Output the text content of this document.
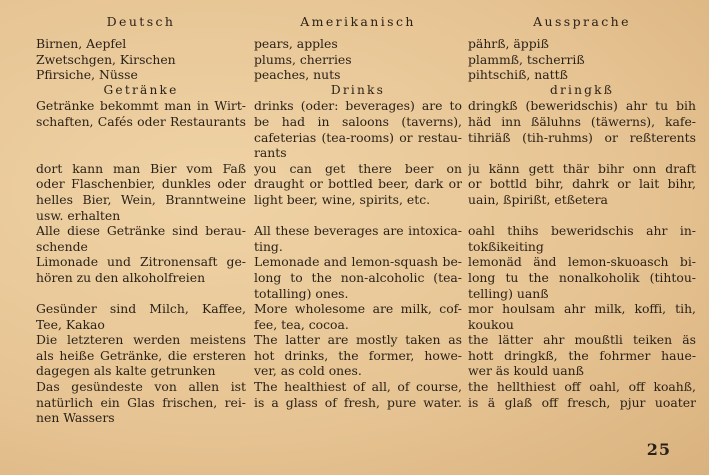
Deutsch
Birnen, Aepfel
Zwetschgen, Kirschen
Pfirsiche, Nüsse
Getränke
Getränke bekommt man in Wirt-
schaften, Cafés oder Restaurants
dort kann man Bier vom Faß
oder Flaschenbier, dunkles oder
helles Bier, Wein, Branntweine
usw. erhalten
Alle diese Getränke sind berau-
schende
Limonade und Zitronensaft ge-
hören zu den alkoholfreien
Gesünder sind Milch, Kaffee,
Tee, Kakao
Die letzteren werden meistens
als heiße Getränke, die ersteren
dagegen als kalte getrunken
Das gesündeste von allen ist
natürlich ein Glas frischen, rei-
nen Wassers
Amerikanisch
pears, apples
plums, cherries
peaches, nuts
Drinks
drinks (oder: beverages) are to
be had in saloons (taverns),
cafeterias (tea-rooms) or restau-
rants
you can get there beer on
draught or bottled beer, dark or
light beer, wine, spirits, etc.
All these beverages are intoxica-
ting.
Lemonade and lemon-squash be-
long to the non-alcoholic (tea-
totalling) ones.
More wholesome are milk, cof-
fee, tea, cocoa.
The latter are mostly taken as
hot drinks, the former, howe-
ver, as cold ones.
The healthiest of all, of course,
is a glass of fresh, pure water.
Aussprache
pährß, äppiß
plammß, tscherriß
pihtschiß, nattß
dringkß
dringkß (beweridschis) ahr tu bih
häd inn ßäluhns (täwerns), kafe-
tihriäß (tih-ruhms) or reßterents
ju känn gett thär bihr onn draft
or bottld bihr, dahrk or lait bihr,
uain, ßpirißt, etßetera
oahl thihs beweridschis ahr in-
tokßikeiting
lemonäd änd lemon-skuoasch bi-
long tu the nonalkoholik (tihtou-
telling) uanß
mor houlsam ahr milk, koffi, tih,
koukou
the lätter ahr moußtli teiken äs
hott dringkß, the fohrmer haue-
wer äs kould uanß
the hellthiest off oahl, off koahß,
is ä glaß off fresch, pjur uoater
25
